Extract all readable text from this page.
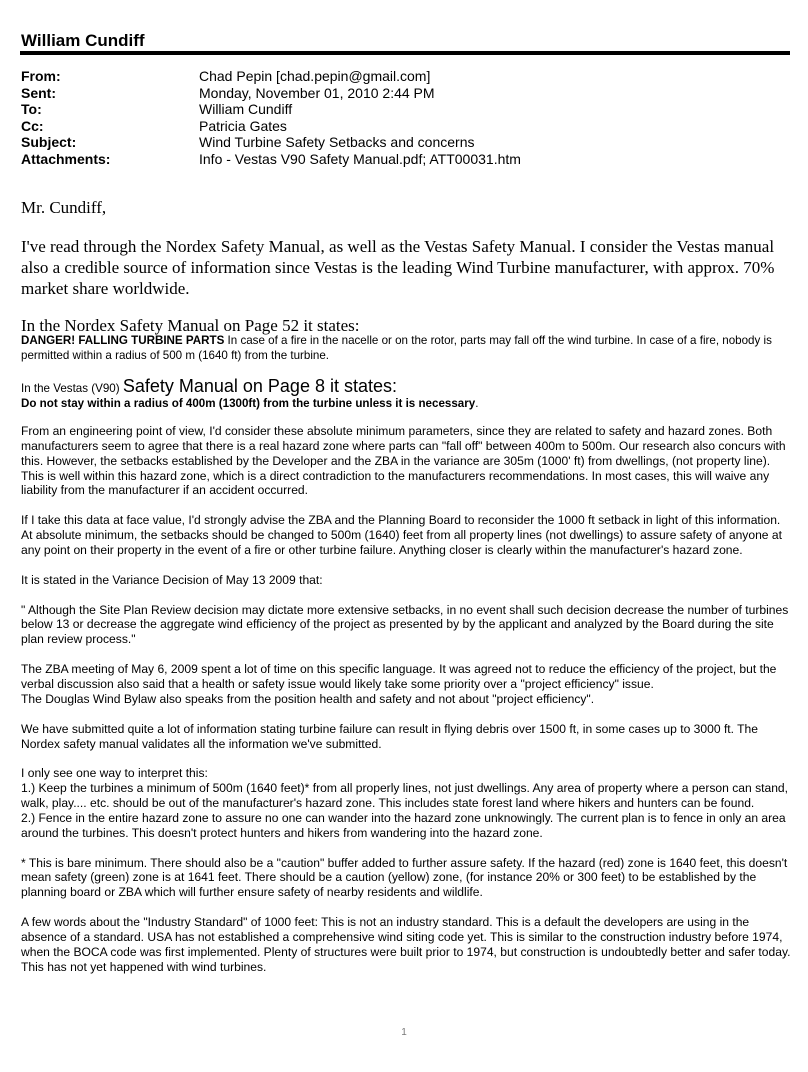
William Cundiff
From:	Chad Pepin [chad.pepin@gmail.com]
Sent:	Monday, November 01, 2010 2:44 PM
To:	William Cundiff
Cc:	Patricia Gates
Subject:	Wind Turbine Safety Setbacks and concerns
Attachments:	Info - Vestas V90 Safety Manual.pdf; ATT00031.htm
Mr. Cundiff,
I've read through the Nordex Safety Manual, as well as the Vestas Safety Manual. I consider the Vestas manual also a credible source of information since Vestas is the leading Wind Turbine manufacturer, with approx. 70% market share worldwide.
In the Nordex Safety Manual on Page 52 it states:
DANGER! FALLING TURBINE PARTS In case of a fire in the nacelle or on the rotor, parts may fall off the wind turbine. In case of a fire, nobody is permitted within a radius of 500 m (1640 ft) from the turbine.
In the Vestas (V90) Safety Manual on Page 8 it states:
Do not stay within a radius of 400m (1300ft) from the turbine unless it is necessary.

From an engineering point of view, I'd consider these absolute minimum parameters, since they are related to safety and hazard zones. Both manufacturers seem to agree that there is a real hazard zone where parts can "fall off" between 400m to 500m. Our research also concurs with this. However, the setbacks established by the Developer and the ZBA in the variance are 305m (1000' ft) from dwellings, (not property line). This is well within this hazard zone, which is a direct contradiction to the manufacturers recommendations. In most cases, this will waive any liability from the manufacturer if an accident occurred.

If I take this data at face value, I'd strongly advise the ZBA and the Planning Board to reconsider the 1000 ft setback in light of this information. At absolute minimum, the setbacks should be changed to 500m (1640) feet from all property lines (not dwellings) to assure safety of anyone at any point on their property in the event of a fire or other turbine failure. Anything closer is clearly within the manufacturer's hazard zone.

It is stated in the Variance Decision of May 13 2009 that:

" Although the Site Plan Review decision may dictate more extensive setbacks, in no event shall such decision decrease the number of turbines below 13 or decrease the aggregate wind efficiency of the project as presented by by the applicant and analyzed by the Board during the site plan review process."

The ZBA meeting of May 6, 2009 spent a lot of time on this specific language. It was agreed not to reduce the efficiency of the project, but the verbal discussion also said that a health or safety issue would likely take some priority over a "project efficiency" issue.

The Douglas Wind Bylaw also speaks from the position health and safety and not about "project efficiency".

We have submitted quite a lot of information stating turbine failure can result in flying debris over 1500 ft, in some cases up to 3000 ft. The Nordex safety manual validates all the information we've submitted.

I only see one way to interpret this:

1.) Keep the turbines a minimum of 500m (1640 feet)* from all properly lines, not just dwellings. Any area of property where a person can stand, walk, play.... etc. should be out of the manufacturer's hazard zone. This includes state forest land where hikers and hunters can be found.

2.) Fence in the entire hazard zone to assure no one can wander into the hazard zone unknowingly. The current plan is to fence in only an area around the turbines. This doesn't protect hunters and hikers from wandering into the hazard zone.

* This is bare minimum. There should also be a "caution" buffer added to further assure safety. If the hazard (red) zone is 1640 feet, this doesn't mean safety (green) zone is at 1641 feet. There should be a caution (yellow) zone, (for instance 20% or 300 feet) to be established by the planning board or ZBA which will further ensure safety of nearby residents and wildlife.

A few words about the "Industry Standard" of 1000 feet: This is not an industry standard. This is a default the developers are using in the absence of a standard. USA has not established a comprehensive wind siting code yet. This is similar to the construction industry before 1974, when the BOCA code was first implemented. Plenty of structures were built prior to 1974, but construction is undoubtedly better and safer today. This has not yet happened with wind turbines.

1
